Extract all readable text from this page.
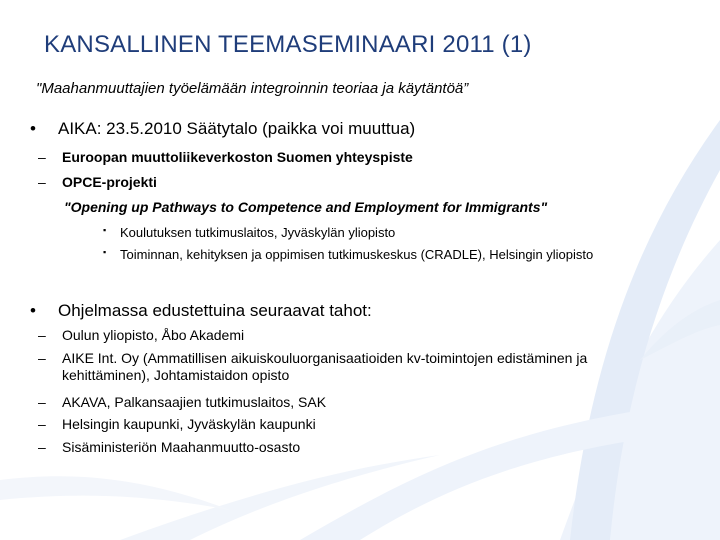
KANSALLINEN TEEMASEMINAARI 2011 (1)
"Maahanmuuttajien työelämään integroinnin teoriaa ja käytäntöä”
• AIKA: 23.5.2010 Säätytalo (paikka voi muuttua)
– Euroopan muuttoliikeverkoston Suomen yhteyspiste
– OPCE-projekti
"Opening up Pathways to Competence and Employment for Immigrants"
▪ Koulutuksen tutkimuslaitos, Jyväskylän yliopisto
▪ Toiminnan, kehityksen ja oppimisen tutkimuskeskus (CRADLE), Helsingin yliopisto
• Ohjelmassa edustettuina seuraavat tahot:
– Oulun yliopisto, Åbo Akademi
– AIKE Int. Oy (Ammatillisen aikuiskouluorganisaatioiden kv-toimintojen edistäminen ja kehittäminen), Johtamistaidon opisto
– AKAVA, Palkansaajien tutkimuslaitos, SAK
– Helsingin kaupunki, Jyväskylän kaupunki
– Sisäministeriön Maahanmuutto-osasto
